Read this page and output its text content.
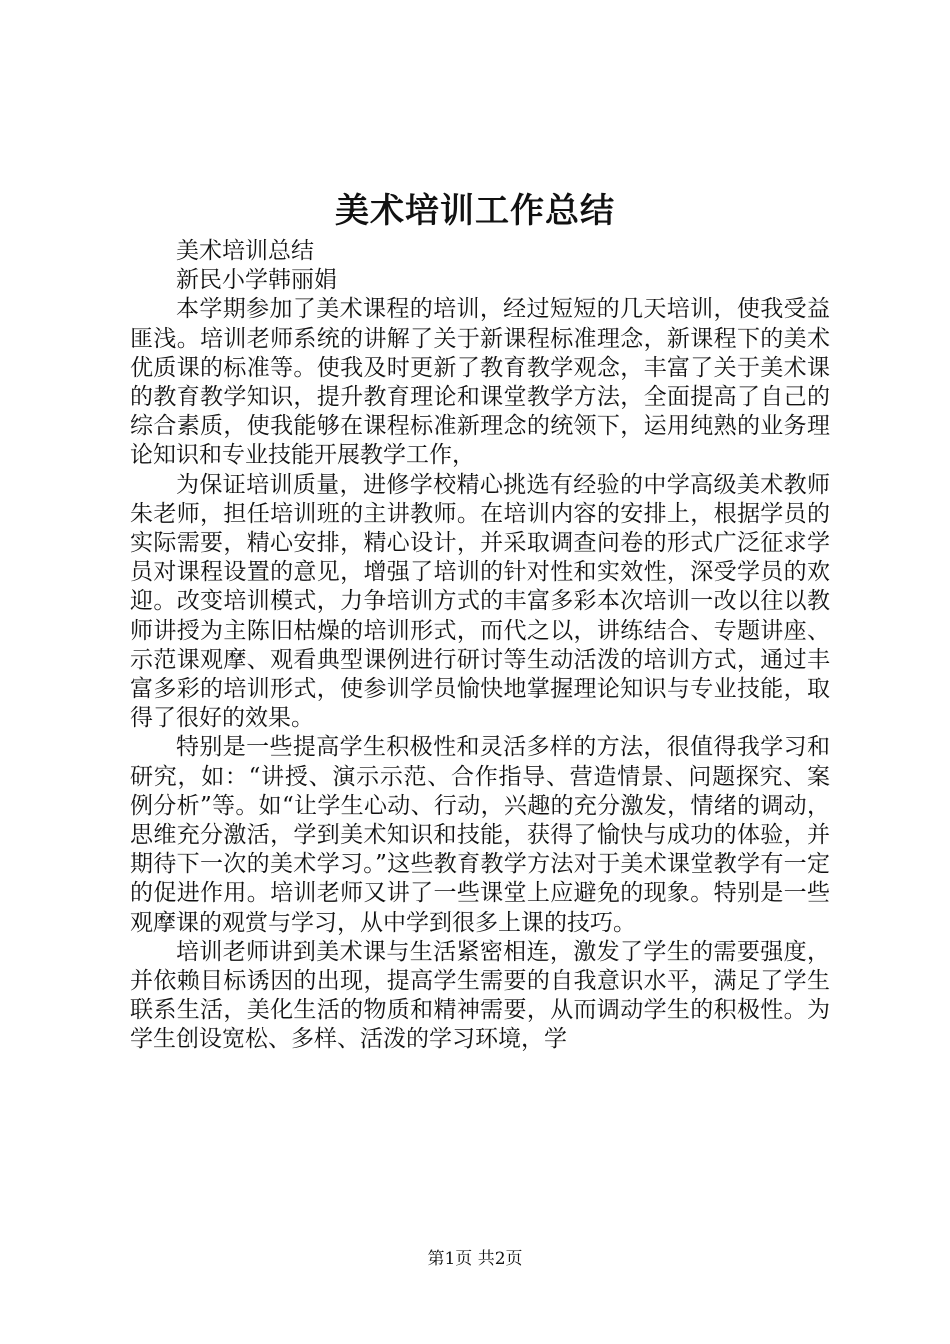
美术培训工作总结

美术培训总结

新民小学韩丽娟

本学期参加了美术课程的培训，经过短短的几天培训，使我受益匪浅。培训老师系统的讲解了关于新课程标准理念，新课程下的美术优质课的标准等。使我及时更新了教育教学观念，丰富了关于美术课的教育教学知识，提升教育理论和课堂教学方法，全面提高了自己的综合素质，使我能够在课程标准新理念的统领下，运用纯熟的业务理论知识和专业技能开展教学工作，

为保证培训质量，进修学校精心挑选有经验的中学高级美术教师朱老师，担任培训班的主讲教师。在培训内容的安排上，根据学员的实际需要，精心安排，精心设计，并采取调查问卷的形式广泛征求学员对课程设置的意见，增强了培训的针对性和实效性，深受学员的欢迎。改变培训模式，力争培训方式的丰富多彩本次培训一改以往以教师讲授为主陈旧枯燥的培训形式，而代之以，讲练结合、专题讲座、示范课观摩、观看典型课例进行研讨等生动活泼的培训方式，通过丰富多彩的培训形式，使参训学员愉快地掌握理论知识与专业技能，取得了很好的效果。

特别是一些提高学生积极性和灵活多样的方法，很值得我学习和研究，如：“讲授、演示示范、合作指导、营造情景、问题探究、案例分析”等。如“让学生心动、行动，兴趣的充分激发，情绪的调动，思维充分激活，学到美术知识和技能，获得了愉快与成功的体验，并期待下一次的美术学习。”这些教育教学方法对于美术课堂教学有一定的促进作用。培训老师又讲了一些课堂上应避免的现象。特别是一些观摩课的观赏与学习，从中学到很多上课的技巧。

培训老师讲到美术课与生活紧密相连，激发了学生的需要强度，并依赖目标诱因的出现，提高学生需要的自我意识水平，满足了学生联系生活，美化生活的物质和精神需要，从而调动学生的积极性。为学生创设宽松、多样、活泼的学习环境，学

第1页 共2页
